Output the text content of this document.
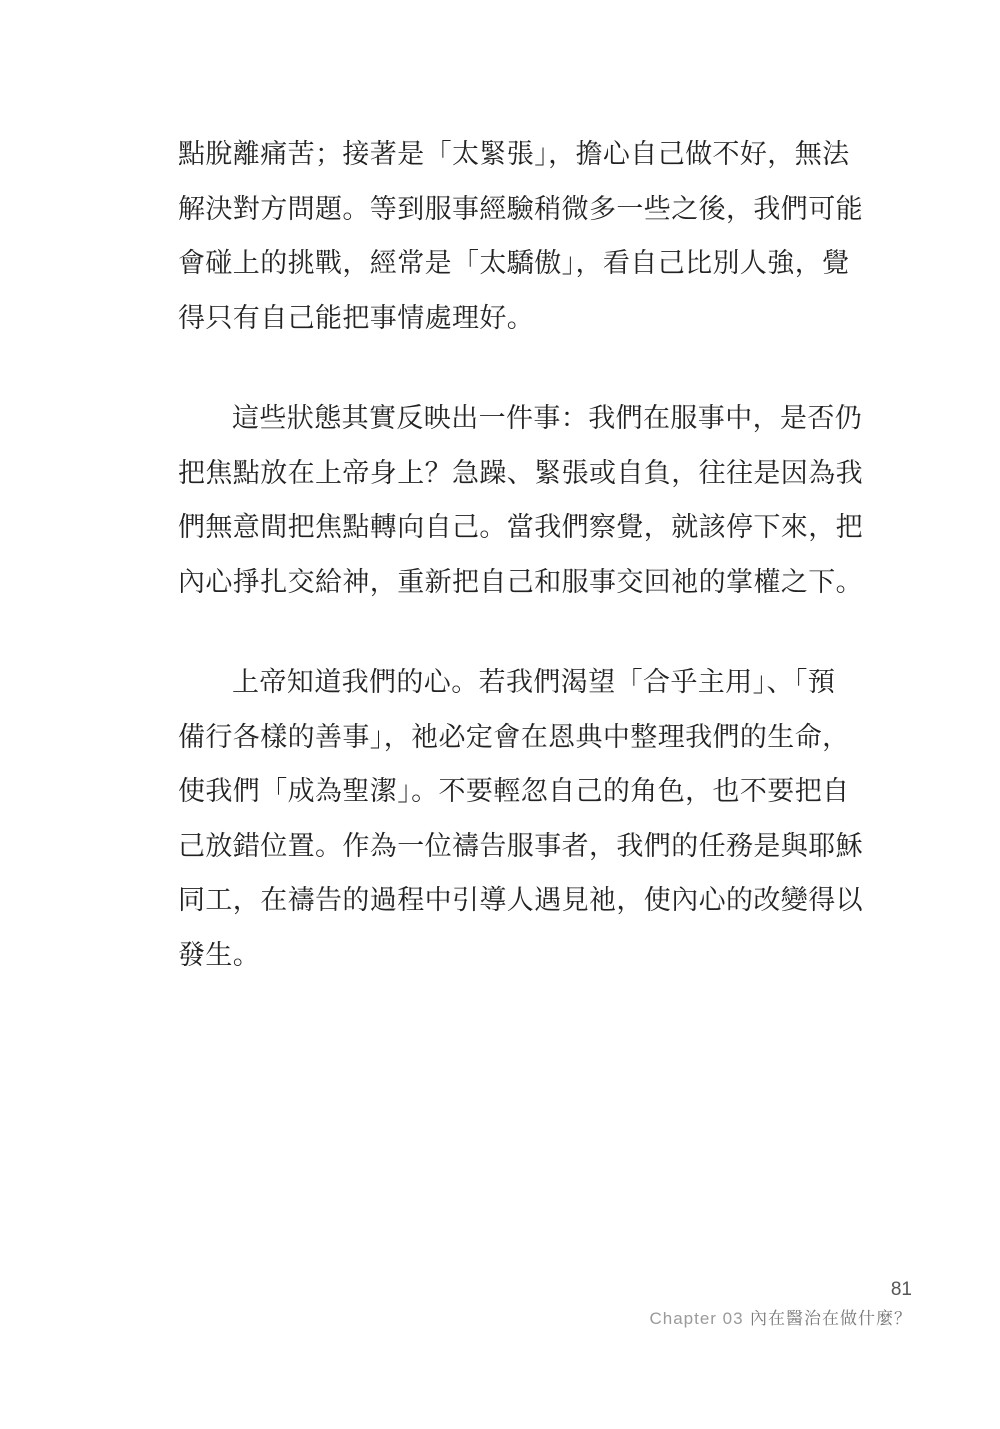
點脫離痛苦；接著是「太緊張」，擔心自己做不好，無法
解決對方問題。等到服事經驗稍微多一些之後，我們可能
會碰上的挑戰，經常是「太驕傲」，看自己比別人強，覺
得只有自己能把事情處理好。
這些狀態其實反映出一件事：我們在服事中，是否仍
把焦點放在上帝身上？急躁、緊張或自負，往往是因為我
們無意間把焦點轉向自己。當我們察覺，就該停下來，把
內心掙扎交給神，重新把自己和服事交回祂的掌權之下。
上帝知道我們的心。若我們渴望「合乎主用」、「預
備行各樣的善事」，祂必定會在恩典中整理我們的生命，
使我們「成為聖潔」。不要輕忽自己的角色，也不要把自
己放錯位置。作為一位禱告服事者，我們的任務是與耶穌
同工，在禱告的過程中引導人遇見祂，使內心的改變得以
發生。
81
Chapter 03 內在醫治在做什麼？
